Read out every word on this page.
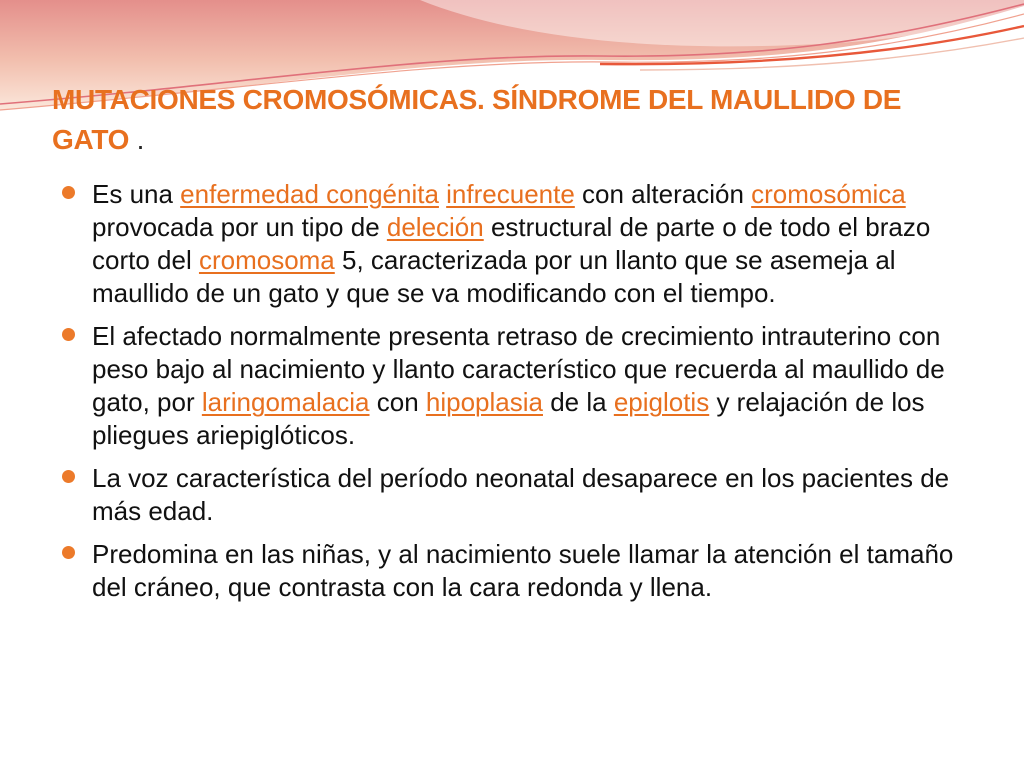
MUTACIONES CROMOSÓMICAS. SÍNDROME DEL MAULLIDO DE GATO .
Es una enfermedad congénita infrecuente con alteración cromosómica provocada por un tipo de deleción estructural de parte o de todo el brazo corto del cromosoma 5, caracterizada por un llanto que se asemeja al maullido de un gato y que se va modificando con el tiempo.
El afectado normalmente presenta retraso de crecimiento intrauterino con peso bajo al nacimiento y llanto característico que recuerda al maullido de gato, por laringomalacia con hipoplasia de la epiglotis y relajación de los pliegues ariepiglóticos.
La voz característica del período neonatal desaparece en los pacientes de más edad.
Predomina en las niñas, y al nacimiento suele llamar la atención el tamaño del cráneo, que contrasta con la cara redonda y llena.
